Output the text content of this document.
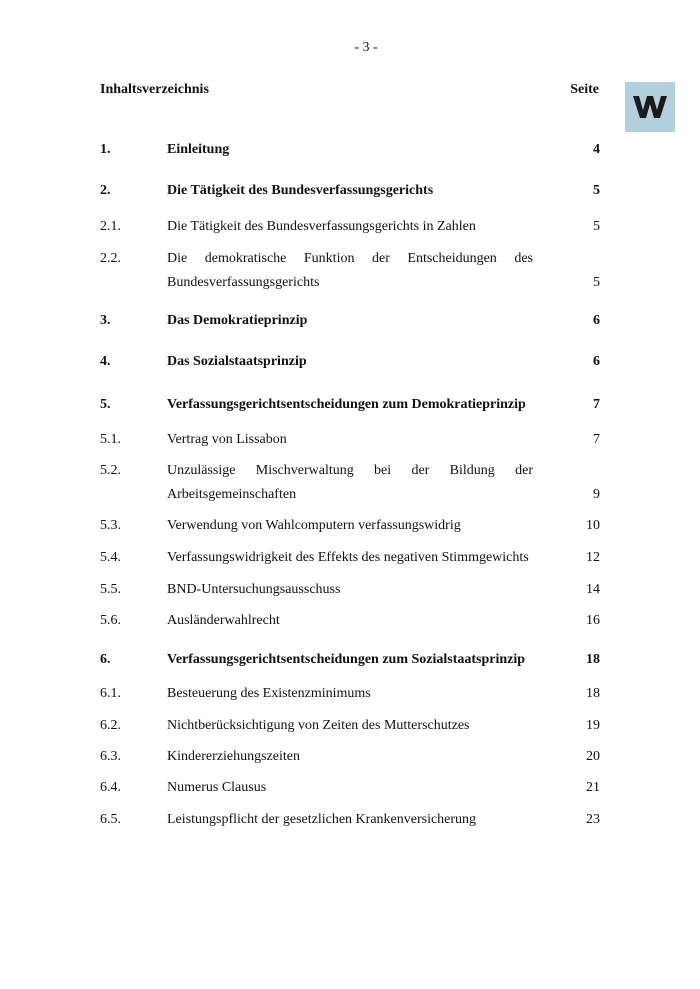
- 3 -
Inhaltsverzeichnis	Seite
1.	Einleitung	4
2.	Die Tätigkeit des Bundesverfassungsgerichts	5
2.1.	Die Tätigkeit des Bundesverfassungsgerichts in Zahlen	5
2.2.	Die demokratische Funktion der Entscheidungen des
Bundesverfassungsgerichts	5
3.	Das Demokratieprinzip	6
4.	Das Sozialstaatsprinzip	6
5.	Verfassungsgerichtsentscheidungen zum Demokratieprinzip	7
5.1.	Vertrag von Lissabon	7
5.2.	Unzulässige Mischverwaltung bei der Bildung der
Arbeitsgemeinschaften	9
5.3.	Verwendung von Wahlcomputern verfassungswidrig	10
5.4.	Verfassungswidrigkeit des Effekts des negativen Stimmgewichts	12
5.5.	BND-Untersuchungsausschuss	14
5.6.	Ausländerwahlrecht	16
6.	Verfassungsgerichtsentscheidungen zum Sozialstaatsprinzip	18
6.1.	Besteuerung des Existenzminimums	18
6.2.	Nichtberücksichtigung von Zeiten des Mutterschutzes	19
6.3.	Kindererziehungszeiten	20
6.4.	Numerus Clausus	21
6.5.	Leistungspflicht der gesetzlichen Krankenversicherung	23
